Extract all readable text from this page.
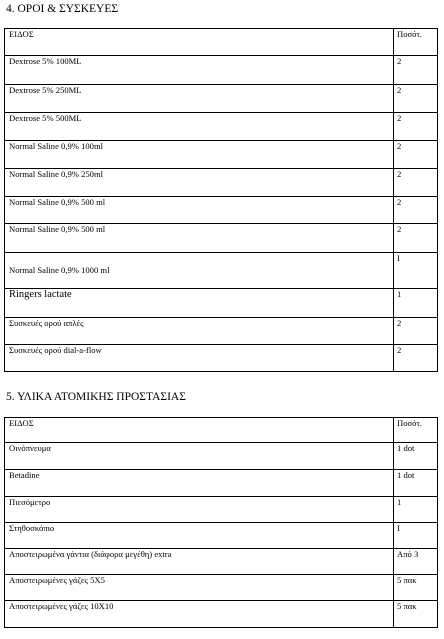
4. ΟΡΟΙ & ΣΥΣΚΕΥΕΣ
ΕΙΔΟΣ	Ποσότ.
Dextrose 5% 100ML	2
Dextrose 5% 250ML	2
Dextrose 5% 500ML	2
Normal Saline 0,9% 100ml	2
Normal Saline 0,9% 250ml	2
Normal Saline 0,9% 500 ml	2
Normal Saline 0,9% 500 ml	2
Normal Saline 0,9% 1000 ml	I
Ringers lactate	1
Συσκευές ορού απλές	2
Συσκευές ορού dial-a-flow	2
5. ΥΛΙΚΑ ΑΤΟΜΙΚΗΣ ΠΡΟΣΤΑΣΙΑΣ
ΕΙΔΟΣ	Ποσότ.
Οινόπνευμα	1 dot
Betadine	1 dot
Πιεσόμετρο	1
Στηθοσκόπιο	I
Αποστειρωμένα γάντια (διάφορα μεγέθη) extra	Από 3
Αποστειρωμένες γάζες 5Χ5	5 πακ
Αποστειρωμένες γάζες 10Χ10	5 πακ
